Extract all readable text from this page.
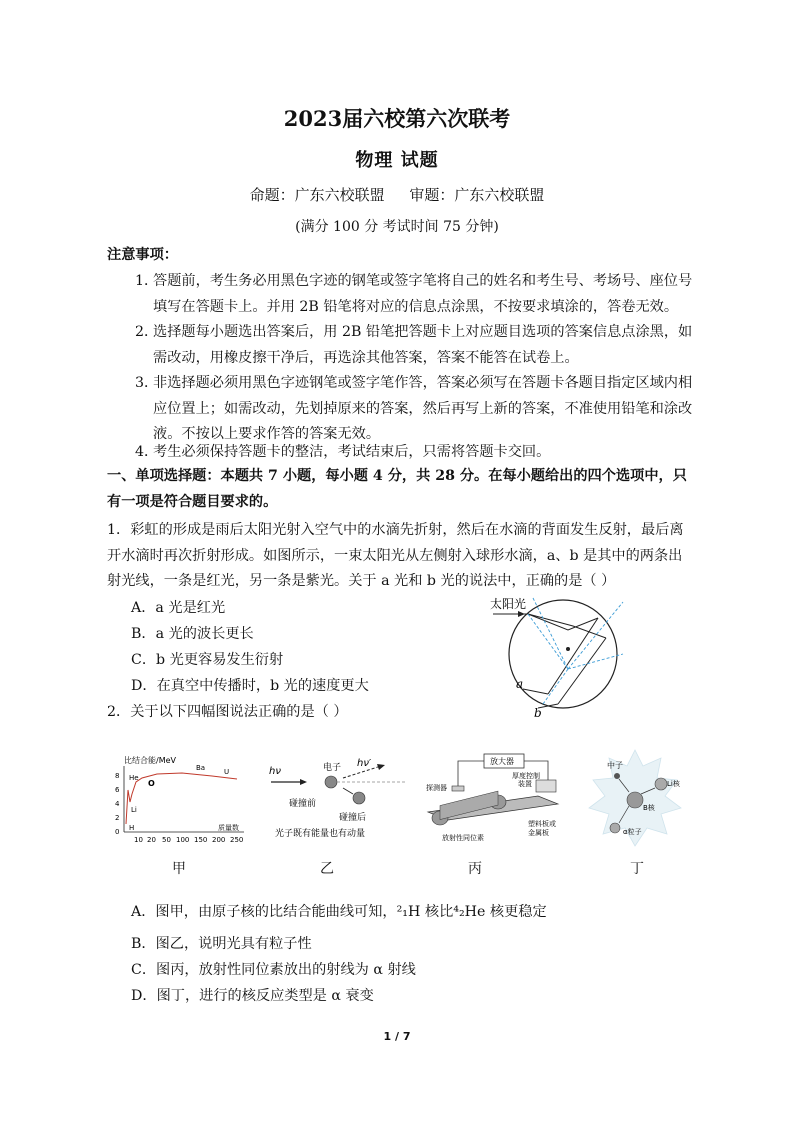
2023届六校第六次联考
物理 试题
命题：广东六校联盟 审题：广东六校联盟
(满分 100 分 考试时间 75 分钟)
注意事项：
1．
答题前，考生务必用黑色字迹的钢笔或签字笔将自己的姓名和考生号、考场号、座位号填写在答题卡上。并用 2B 铅笔将对应的信息点涂黑，不按要求填涂的，答卷无效。
2．
选择题每小题选出答案后，用 2B 铅笔把答题卡上对应题目选项的答案信息点涂黑，如需改动，用橡皮擦干净后，再选涂其他答案，答案不能答在试卷上。
3．
非选择题必须用黑色字迹钢笔或签字笔作答，答案必须写在答题卡各题目指定区域内相应位置上；如需改动，先划掉原来的答案，然后再写上新的答案，不准使用铅笔和涂改液。不按以上要求作答的答案无效。
4．
考生必须保持答题卡的整洁，考试结束后，只需将答题卡交回。
一、单项选择题：本题共 7 小题，每小题 4 分，共 28 分。在每小题给出的四个选项中，只有一项是符合题目要求的。
1．彩虹的形成是雨后太阳光射入空气中的水滴先折射，然后在水滴的背面发生反射，最后离开水滴时再次折射形成。如图所示，一束太阳光从左侧射入球形水滴，a、b 是其中的两条出射光线，一条是红光，另一条是紫光。关于 a 光和 b 光的说法中，正确的是（ ）
A．a 光是红光
B．a 光的波长更长
C．b 光更容易发生衍射
D．在真空中传播时，b 光的速度更大
太阳光
a
b
2．关于以下四幅图说法正确的是（ ）
比结合能/MeV
0
2
4
6
8 He
Li
O
H
Ba	U
10 20 50 100 150 200 250
质量数
甲
hν	电子 hν′
碰撞前
碰撞后
光子既有能量也有动量
乙
放大器
探测器
厚度控制
装置
放射性同位素
塑料板或
金属板
丙
中子
B核
Li核
α粒子
丁
A．图甲，由原子核的比结合能曲线可知，²₁H 核比⁴₂He 核更稳定
B．图乙，说明光具有粒子性
C．图丙，放射性同位素放出的射线为 α 射线
D．图丁，进行的核反应类型是 α 衰变
1 / 7
